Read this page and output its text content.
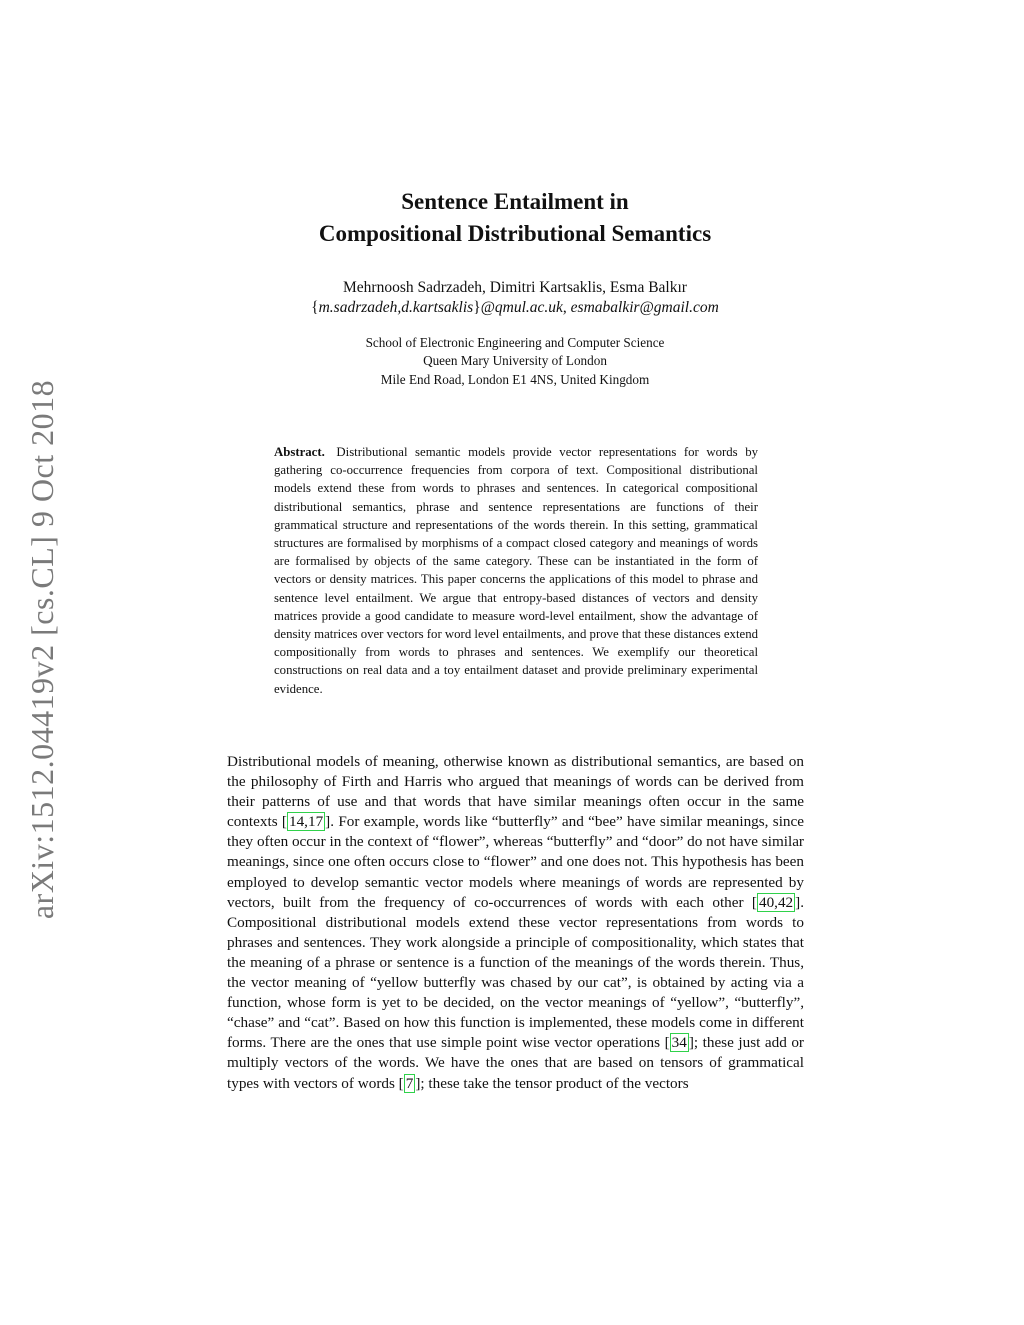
arXiv:1512.04419v2 [cs.CL] 9 Oct 2018
Sentence Entailment in
Compositional Distributional Semantics
Mehrnoosh Sadrzadeh, Dimitri Kartsaklis, Esma Balkır
{m.sadrzadeh,d.kartsaklis}@qmul.ac.uk, esmabalkir@gmail.com
School of Electronic Engineering and Computer Science
Queen Mary University of London
Mile End Road, London E1 4NS, United Kingdom
Abstract. Distributional semantic models provide vector representations for words by gathering co-occurrence frequencies from corpora of text. Compositional distributional models extend these from words to phrases and sentences. In categorical compositional distributional semantics, phrase and sentence representations are functions of their grammatical structure and representations of the words therein. In this setting, grammatical structures are formalised by morphisms of a compact closed category and meanings of words are formalised by objects of the same category. These can be instantiated in the form of vectors or density matrices. This paper concerns the applications of this model to phrase and sentence level entailment. We argue that entropy-based distances of vectors and density matrices provide a good candidate to measure word-level entailment, show the advantage of density matrices over vectors for word level entailments, and prove that these distances extend compositionally from words to phrases and sentences. We exemplify our theoretical constructions on real data and a toy entailment dataset and provide preliminary experimental evidence.
Distributional models of meaning, otherwise known as distributional semantics, are based on the philosophy of Firth and Harris who argued that meanings of words can be derived from their patterns of use and that words that have similar meanings often occur in the same contexts [ 14,17 ]. For example, words like “butterfly” and “bee” have similar meanings, since they often occur in the context of “flower”, whereas “butterfly” and “door” do not have similar meanings, since one often occurs close to “flower” and one does not. This hypothesis has been employed to develop semantic vector models where meanings of words are represented by vectors, built from the frequency of co-occurrences of words with each other [ 40,42 ]. Compositional distributional models extend these vector representations from words to phrases and sentences. They work alongside a principle of compositionality, which states that the meaning of a phrase or sentence is a function of the meanings of the words therein. Thus, the vector meaning of “yellow butterfly was chased by our cat”, is obtained by acting via a function, whose form is yet to be decided, on the vector meanings of “yellow”, “butterfly”, “chase” and “cat”. Based on how this function is implemented, these models come in different forms. There are the ones that use simple point wise vector operations [ 34 ]; these just add or multiply vectors of the words. We have the ones that are based on tensors of grammatical types with vectors of words [ 7 ]; these take the tensor product of the vectors
